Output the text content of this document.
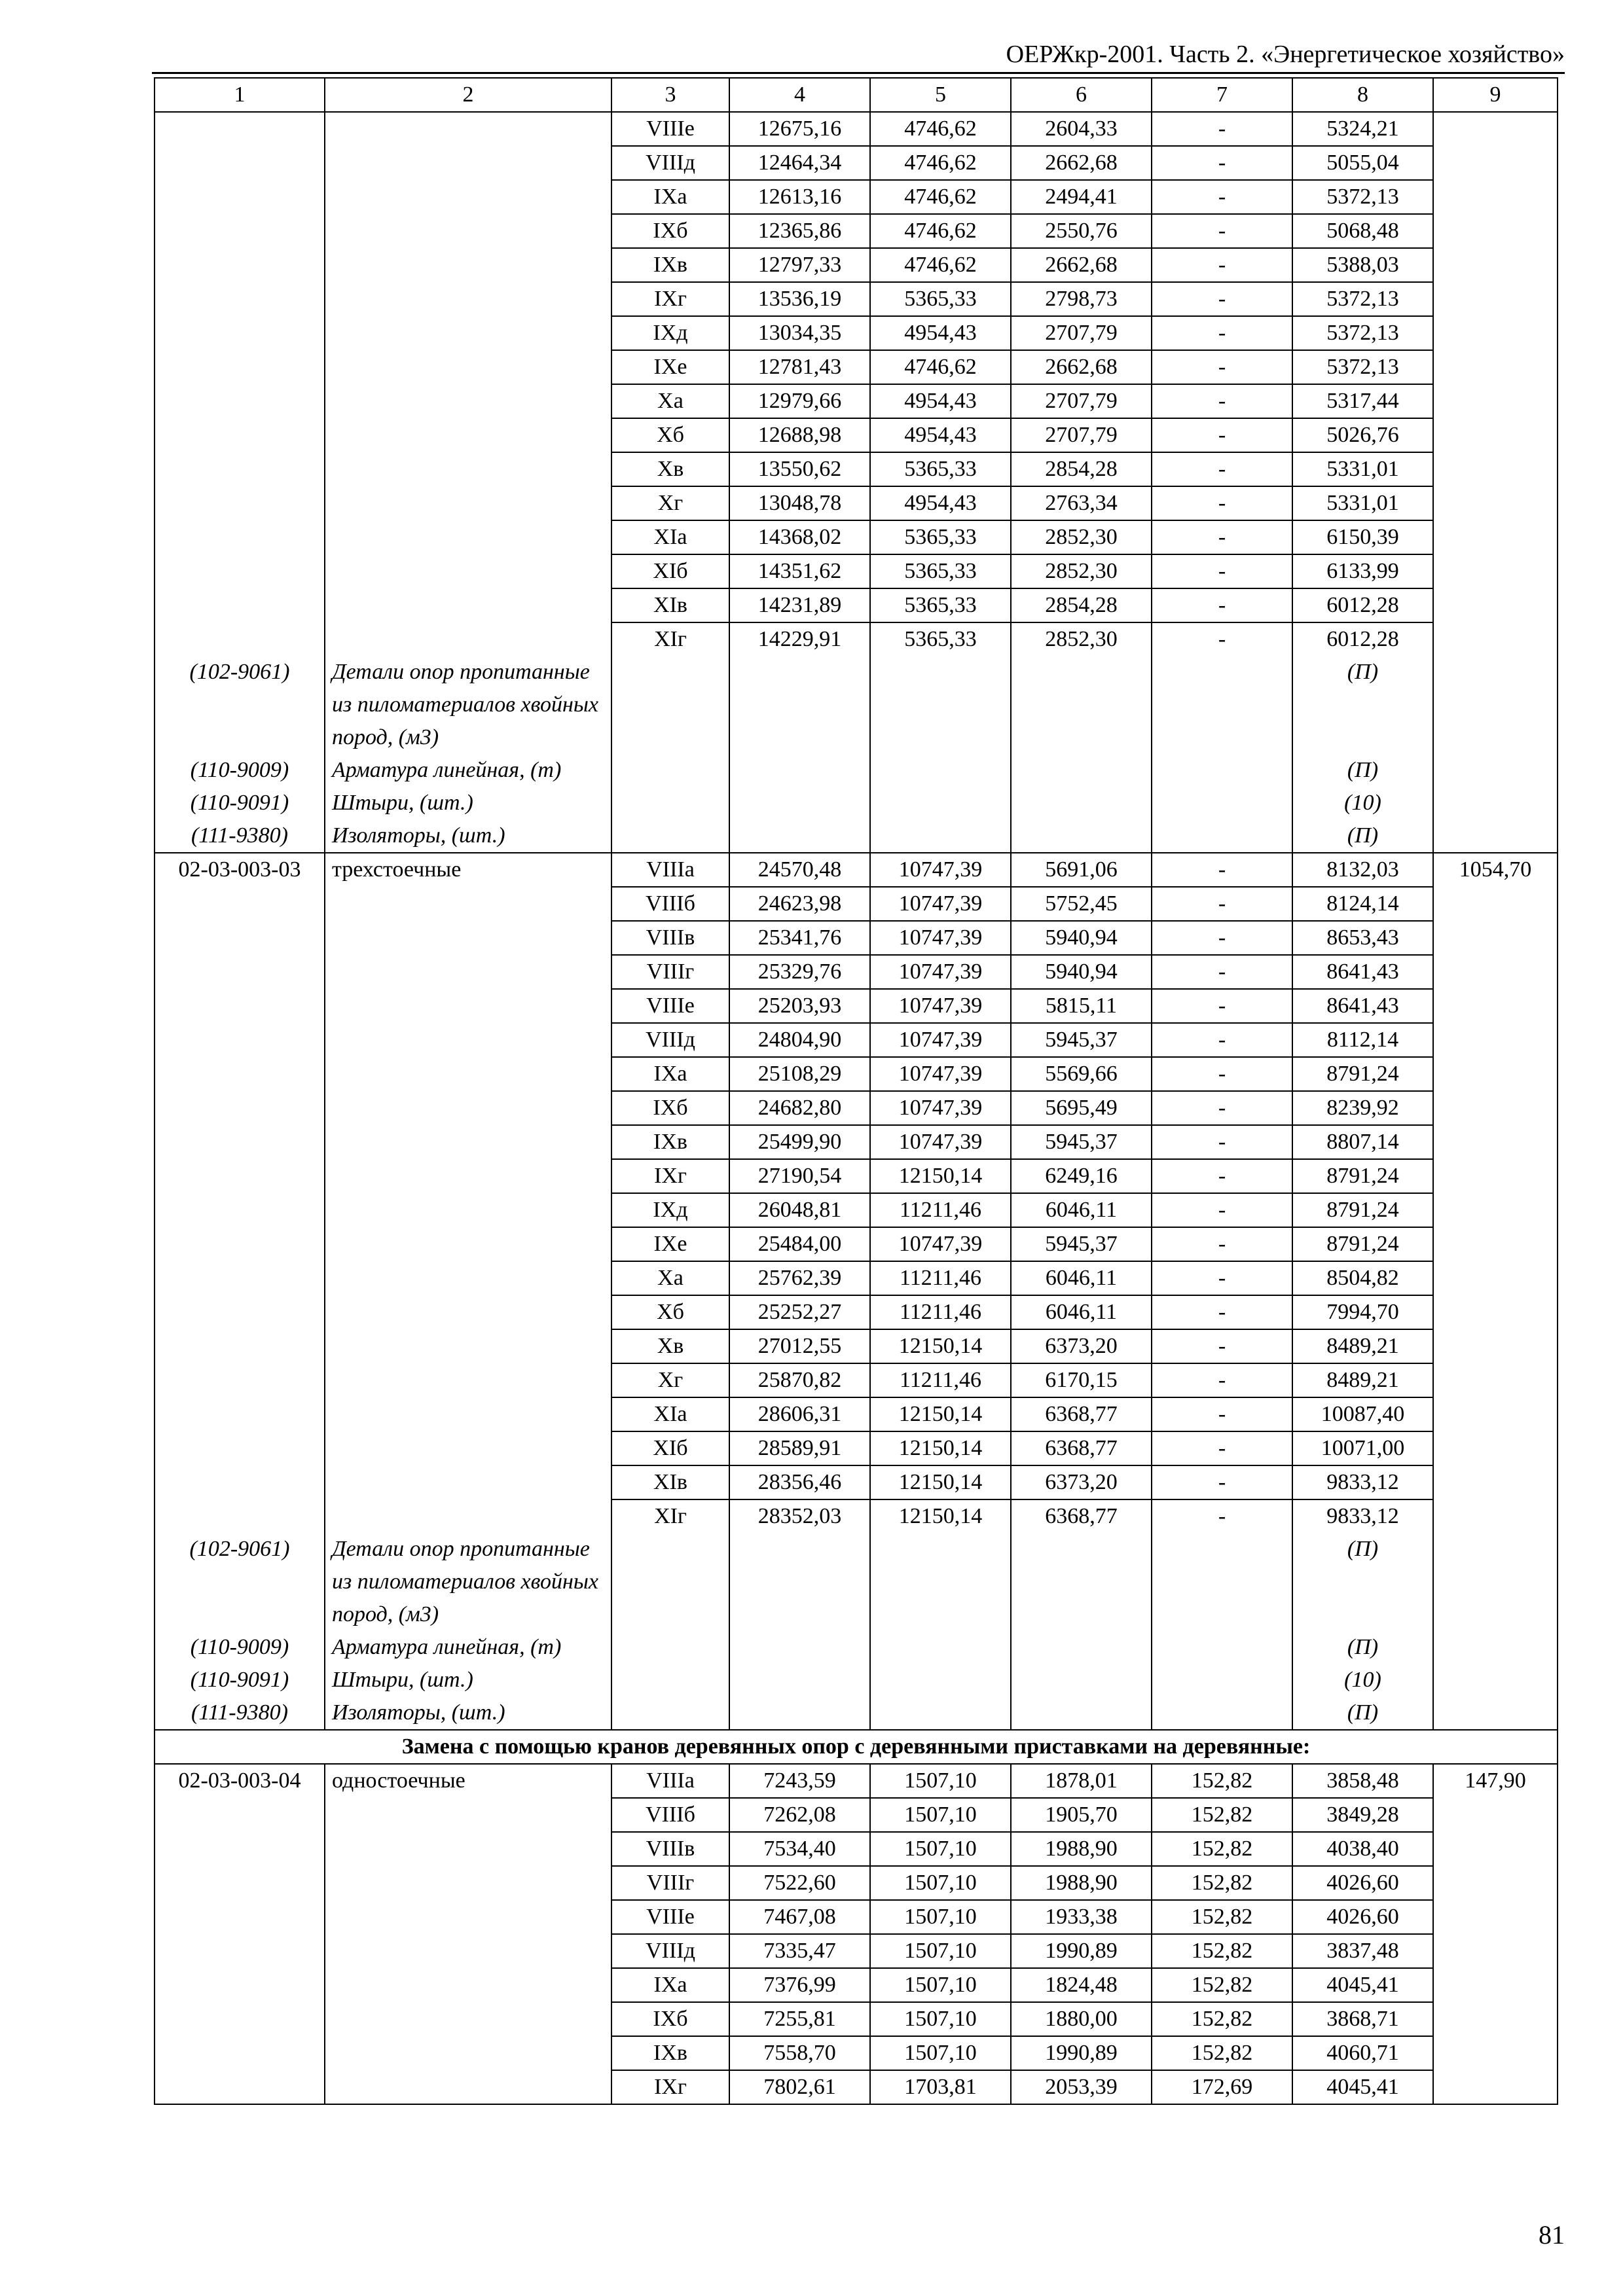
ОЕРЖкр-2001. Часть 2. «Энергетическое хозяйство»
1	2	3	4	5	6	7	8	9
		VIIIе	12675,16	4746,62	2604,33	-	5324,21	
		VIIIд	12464,34	4746,62	2662,68	-	5055,04	
		IXа	12613,16	4746,62	2494,41	-	5372,13	
		IXб	12365,86	4746,62	2550,76	-	5068,48	
		IXв	12797,33	4746,62	2662,68	-	5388,03	
		IXг	13536,19	5365,33	2798,73	-	5372,13	
		IXд	13034,35	4954,43	2707,79	-	5372,13	
		IXе	12781,43	4746,62	2662,68	-	5372,13	
		Xа	12979,66	4954,43	2707,79	-	5317,44	
		Xб	12688,98	4954,43	2707,79	-	5026,76	
		Xв	13550,62	5365,33	2854,28	-	5331,01	
		Xг	13048,78	4954,43	2763,34	-	5331,01	
		XIа	14368,02	5365,33	2852,30	-	6150,39	
		XIб	14351,62	5365,33	2852,30	-	6133,99	
		XIв	14231,89	5365,33	2854,28	-	6012,28	
		XIг	14229,91	5365,33	2852,30	-	6012,28	
(102-9061)	Детали опор пропитанные из пиломатериалов хвойных пород, (м3)						(П)	
(110-9009)	Арматура линейная, (т)						(П)	
(110-9091)	Штыри, (шт.)						(10)	
(111-9380)	Изоляторы, (шт.)						(П)	
02-03-003-03	трехстоечные	VIIIа	24570,48	10747,39	5691,06	-	8132,03	1054,70
		VIIIб	24623,98	10747,39	5752,45	-	8124,14	
		VIIIв	25341,76	10747,39	5940,94	-	8653,43	
		VIIIг	25329,76	10747,39	5940,94	-	8641,43	
		VIIIе	25203,93	10747,39	5815,11	-	8641,43	
		VIIIд	24804,90	10747,39	5945,37	-	8112,14	
		IXа	25108,29	10747,39	5569,66	-	8791,24	
		IXб	24682,80	10747,39	5695,49	-	8239,92	
		IXв	25499,90	10747,39	5945,37	-	8807,14	
		IXг	27190,54	12150,14	6249,16	-	8791,24	
		IXд	26048,81	11211,46	6046,11	-	8791,24	
		IXе	25484,00	10747,39	5945,37	-	8791,24	
		Xа	25762,39	11211,46	6046,11	-	8504,82	
		Xб	25252,27	11211,46	6046,11	-	7994,70	
		Xв	27012,55	12150,14	6373,20	-	8489,21	
		Xг	25870,82	11211,46	6170,15	-	8489,21	
		XIа	28606,31	12150,14	6368,77	-	10087,40	
		XIб	28589,91	12150,14	6368,77	-	10071,00	
		XIв	28356,46	12150,14	6373,20	-	9833,12	
		XIг	28352,03	12150,14	6368,77	-	9833,12	
(102-9061)	Детали опор пропитанные из пиломатериалов хвойных пород, (м3)						(П)	
(110-9009)	Арматура линейная, (т)						(П)	
(110-9091)	Штыри, (шт.)						(10)	
(111-9380)	Изоляторы, (шт.)						(П)	
Замена с помощью кранов деревянных опор с деревянными приставками на деревянные:								
02-03-003-04	одностоечные	VIIIа	7243,59	1507,10	1878,01	152,82	3858,48	147,90
		VIIIб	7262,08	1507,10	1905,70	152,82	3849,28	
		VIIIв	7534,40	1507,10	1988,90	152,82	4038,40	
		VIIIг	7522,60	1507,10	1988,90	152,82	4026,60	
		VIIIе	7467,08	1507,10	1933,38	152,82	4026,60	
		VIIIд	7335,47	1507,10	1990,89	152,82	3837,48	
		IXа	7376,99	1507,10	1824,48	152,82	4045,41	
		IXб	7255,81	1507,10	1880,00	152,82	3868,71	
		IXв	7558,70	1507,10	1990,89	152,82	4060,71	
		IXг	7802,61	1703,81	2053,39	172,69	4045,41	
81
